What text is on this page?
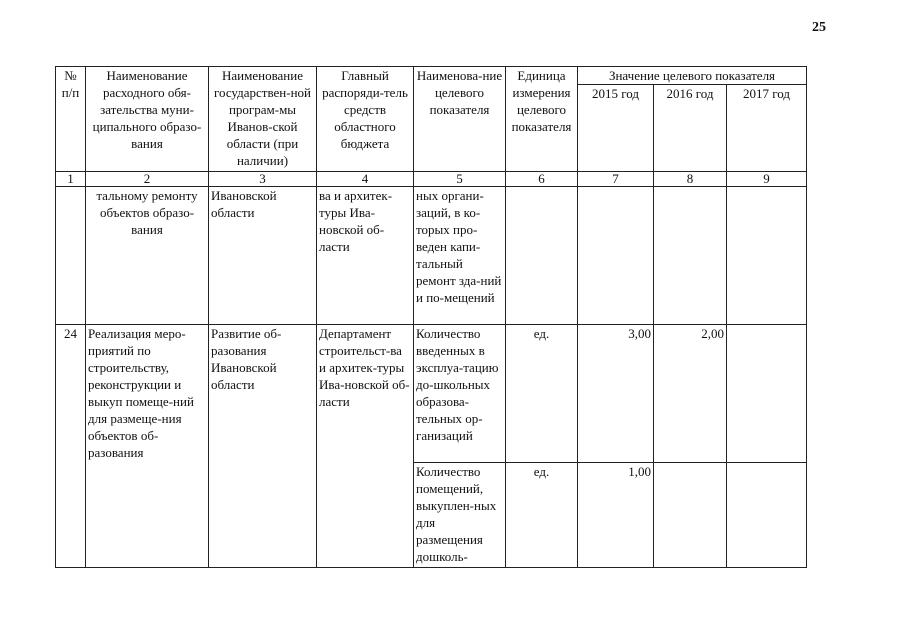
25
№ п/п	Наименование расходного обя-зательства муни-ципального образо-вания	Наименование государствен-ной програм-мы Иванов-ской области (при наличии)	Главный распоряди-тель средств областного бюджета	Наименова-ние целевого показателя	Единица измерения целевого показателя	Значение целевого показателя		
						2015 год	2016 год	2017 год
1	2	3	4	5	6	7	8	9
	тальному ремонту объектов образо-вания	Ивановской области	ва и архитек-туры Ива-новской об-ласти	ных органи-заций, в ко-торых про-веден капи-тальный ремонт зда-ний и по-мещений				
24	Реализация меро-приятий по строительству, реконструкции и выкуп помеще-ний для размеще-ния объектов об-разования	Развитие об-разования Ивановской области	Департамент строительст-ва и архитек-туры Ива-новской об-ласти	Количество введенных в эксплуа-тацию до-школьных образова-тельных ор-ганизаций	ед.	3,00	2,00	
				Количество помещений, выкуплен-ных для размещения дошколь-	ед.	1,00		
